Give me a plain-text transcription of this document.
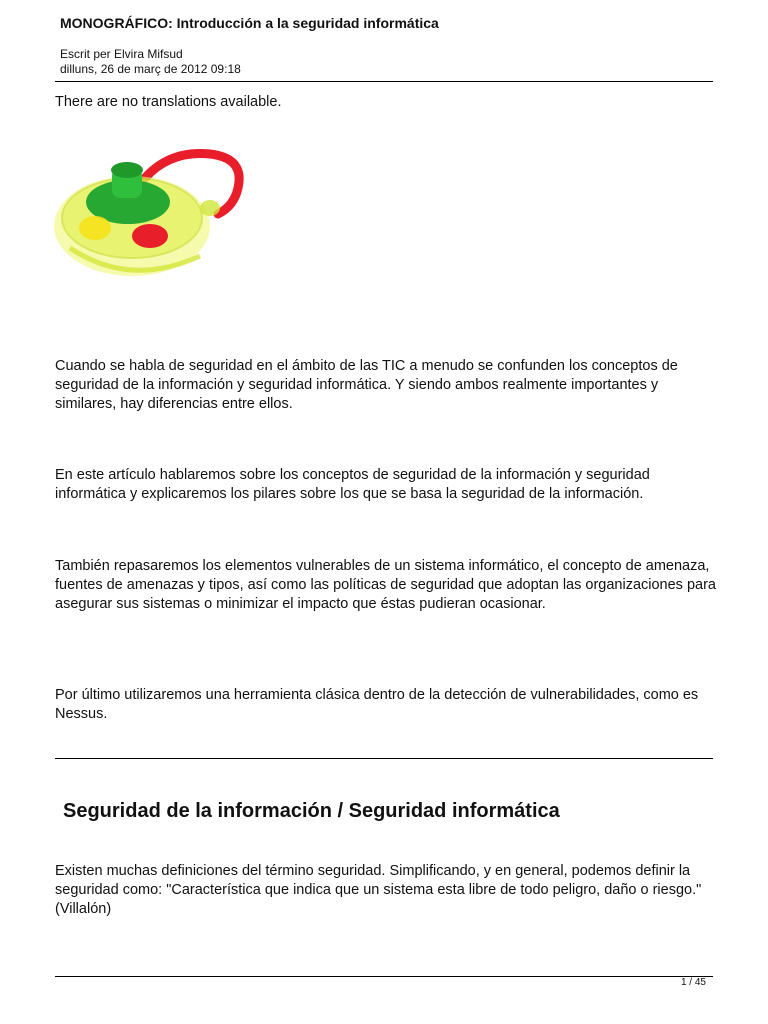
MONOGRÁFICO: Introducción a la seguridad informática
Escrit per Elvira Mifsud
dilluns, 26 de març de 2012 09:18

There are no translations available.

Cuando se habla de seguridad en el ámbito de las TIC a menudo se confunden los conceptos de seguridad de la información y seguridad informática. Y siendo ambos realmente importantes y similares, hay diferencias entre ellos.

En este artículo hablaremos sobre los conceptos de seguridad de la información y seguridad informática y explicaremos los pilares sobre los que se basa la seguridad de la información.

También repasaremos los elementos vulnerables de un sistema informático, el concepto de amenaza, fuentes de amenazas y tipos, así como las políticas de seguridad que adoptan las organizaciones para asegurar sus sistemas o minimizar el impacto que éstas pudieran ocasionar.

Por último utilizaremos una herramienta clásica dentro de la detección de vulnerabilidades, como es Nessus.

Seguridad de la información / Seguridad informática

Existen muchas definiciones del término seguridad. Simplificando, y en general, podemos definir la seguridad como: "Característica que indica que un sistema esta libre de todo peligro, daño o riesgo." (Villalón)

1 / 45
